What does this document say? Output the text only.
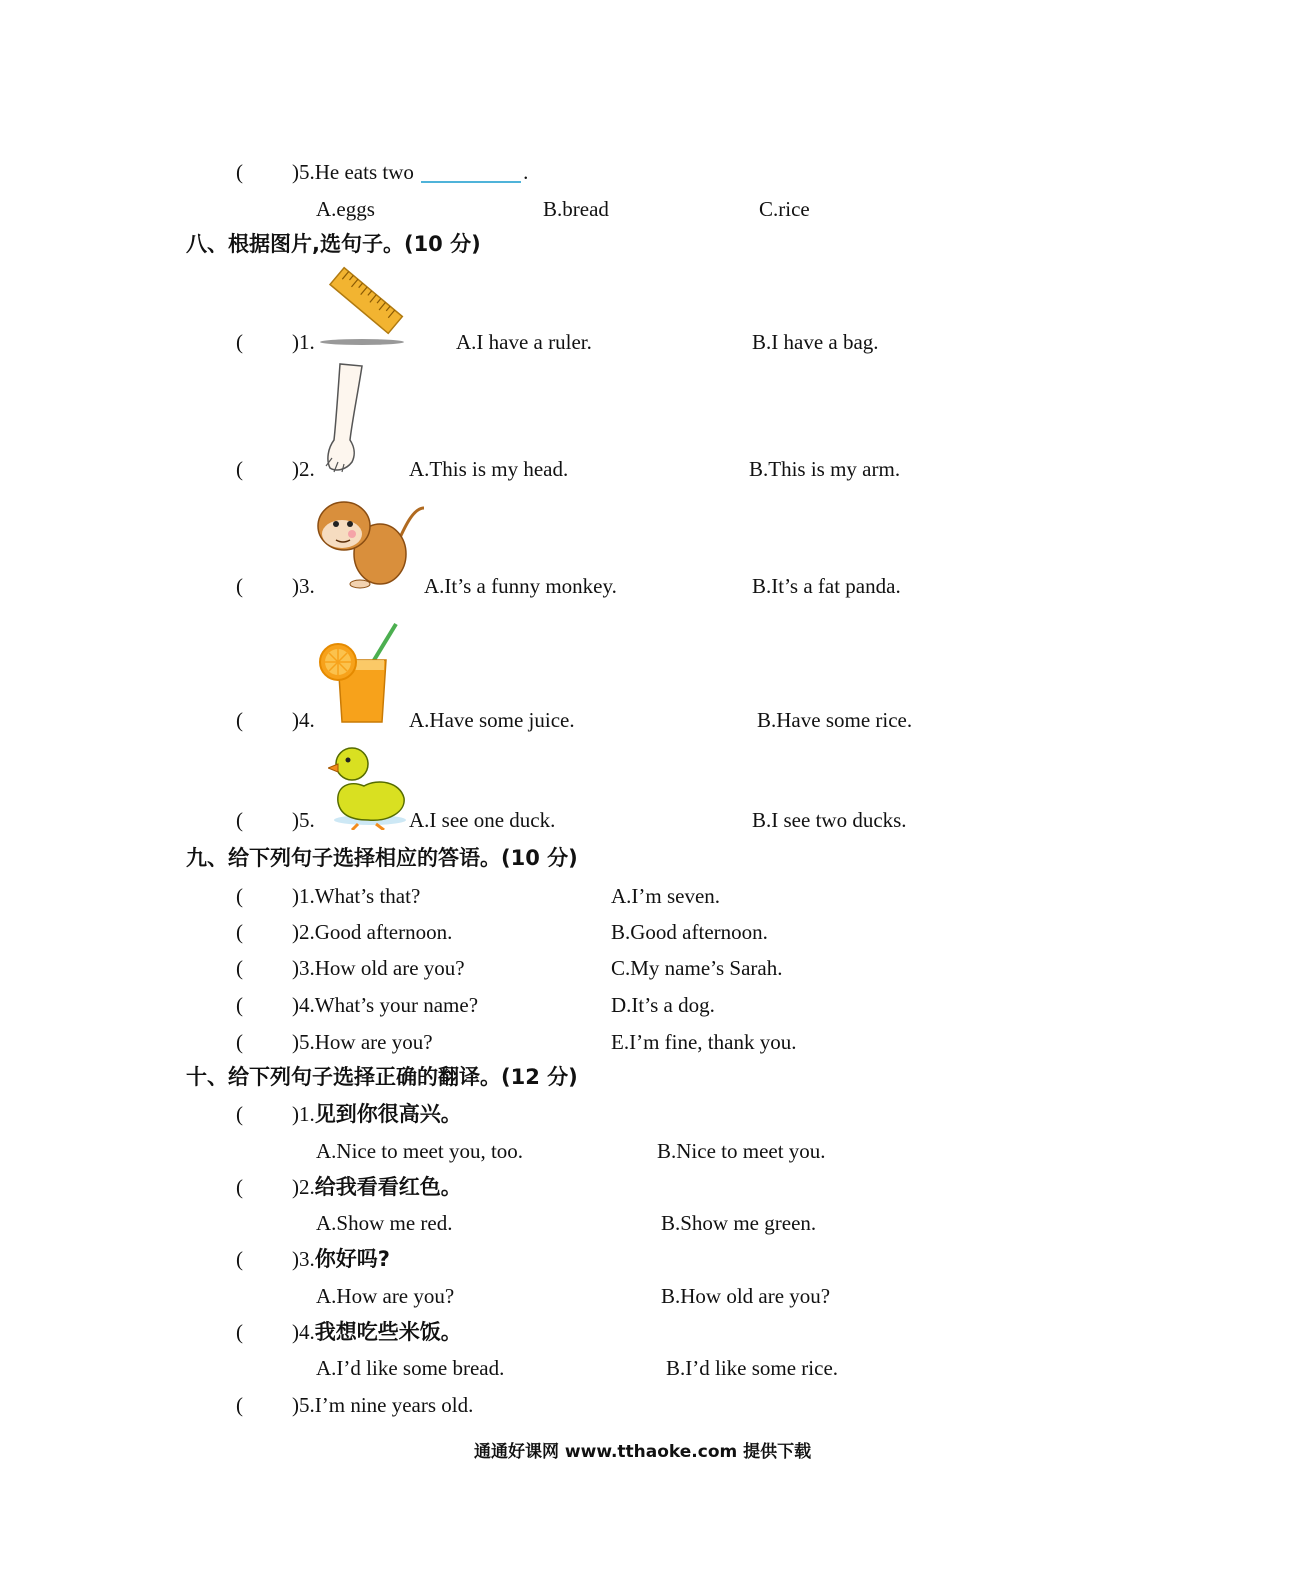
( )5.He eats two	.
A.eggs	B.bread	C.rice
八、根据图片,选句子。(10 分)
( )1.	A.I have a ruler.	B.I have a bag.
( )2.	A.This is my head.	B.This is my arm.
( )3.	A.It’s a funny monkey.	B.It’s a fat panda.
( )4.	A.Have some juice.	B.Have some rice.
( )5.	A.I see one duck.	B.I see two ducks.
九、给下列句子选择相应的答语。(10 分)
( )1.What’s that?	A.I’m seven.
( )2.Good afternoon.	B.Good afternoon.
( )3.How old are you?	C.My name’s Sarah.
( )4.What’s your name?	D.It’s a dog.
( )5.How are you?	E.I’m fine, thank you.
十、给下列句子选择正确的翻译。(12 分)
( )1.见到你很高兴。
A.Nice to meet you, too.	B.Nice to meet you.
( )2.给我看看红色。
A.Show me red.	B.Show me green.
( )3.你好吗?
A.How are you?	B.How old are you?
( )4.我想吃些米饭。
A.I’d like some bread.	B.I’d like some rice.
( )5.I’m nine years old.
通通好课网 www.tthaoke.com 提供下载
